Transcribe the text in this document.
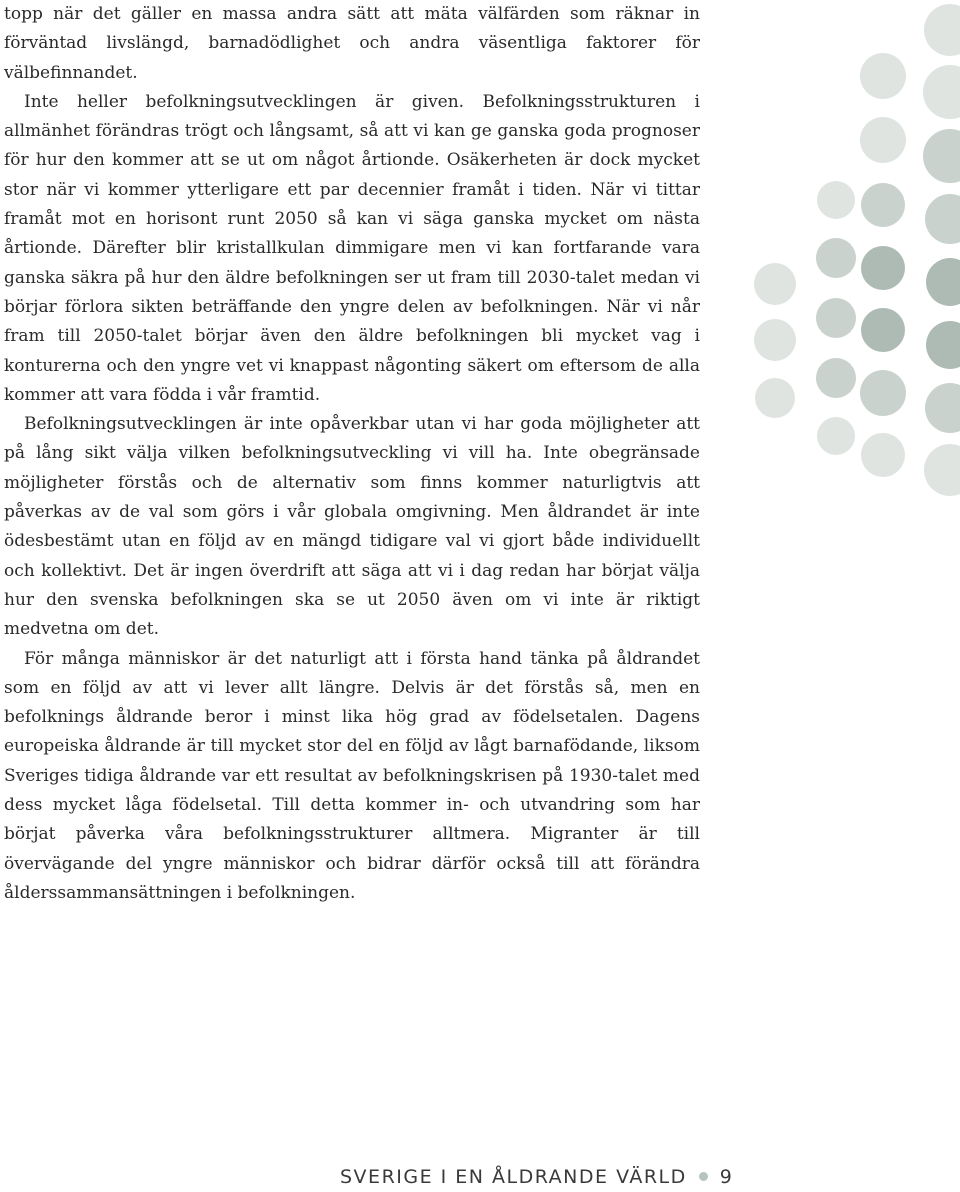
topp när det gäller en massa andra sätt att mäta välfärden som räknar in förväntad livslängd, barnadödlighet och andra väsentliga faktorer för välbefinnandet.

Inte heller befolkningsutvecklingen är given. Befolkningsstrukturen i allmänhet förändras trögt och långsamt, så att vi kan ge ganska goda prognoser för hur den kommer att se ut om något årtionde. Osäkerheten är dock mycket stor när vi kommer ytterligare ett par decennier framåt i tiden. När vi tittar framåt mot en horisont runt 2050 så kan vi säga ganska mycket om nästa årtionde. Därefter blir kristallkulan dimmigare men vi kan fortfarande vara ganska säkra på hur den äldre befolkningen ser ut fram till 2030-talet medan vi börjar förlora sikten beträffande den yngre delen av befolkningen. När vi når fram till 2050-talet börjar även den äldre befolkningen bli mycket vag i konturerna och den yngre vet vi knappast någonting säkert om eftersom de alla kommer att vara födda i vår framtid.

Befolkningsutvecklingen är inte opåverkbar utan vi har goda möjligheter att på lång sikt välja vilken befolkningsutveckling vi vill ha. Inte obegränsade möjligheter förstås och de alternativ som finns kommer naturligtvis att påverkas av de val som görs i vår globala omgivning. Men åldrandet är inte ödesbestämt utan en följd av en mängd tidigare val vi gjort både individuellt och kollektivt. Det är ingen överdrift att säga att vi i dag redan har börjat välja hur den svenska befolkningen ska se ut 2050 även om vi inte är riktigt medvetna om det.

För många människor är det naturligt att i första hand tänka på åldrandet som en följd av att vi lever allt längre. Delvis är det förstås så, men en befolknings åldrande beror i minst lika hög grad av födelsetalen. Dagens europeiska åldrande är till mycket stor del en följd av lågt barnafödande, liksom Sveriges tidiga åldrande var ett resultat av befolkningskrisen på 1930-talet med dess mycket låga födelsetal. Till detta kommer in- och utvandring som har börjat påverka våra befolkningsstrukturer alltmera. Migranter är till övervägande del yngre människor och bidrar därför också till att förändra ålderssammansättningen i befolkningen.

SVERIGE I EN ÅLDRANDE VÄRLD 9
